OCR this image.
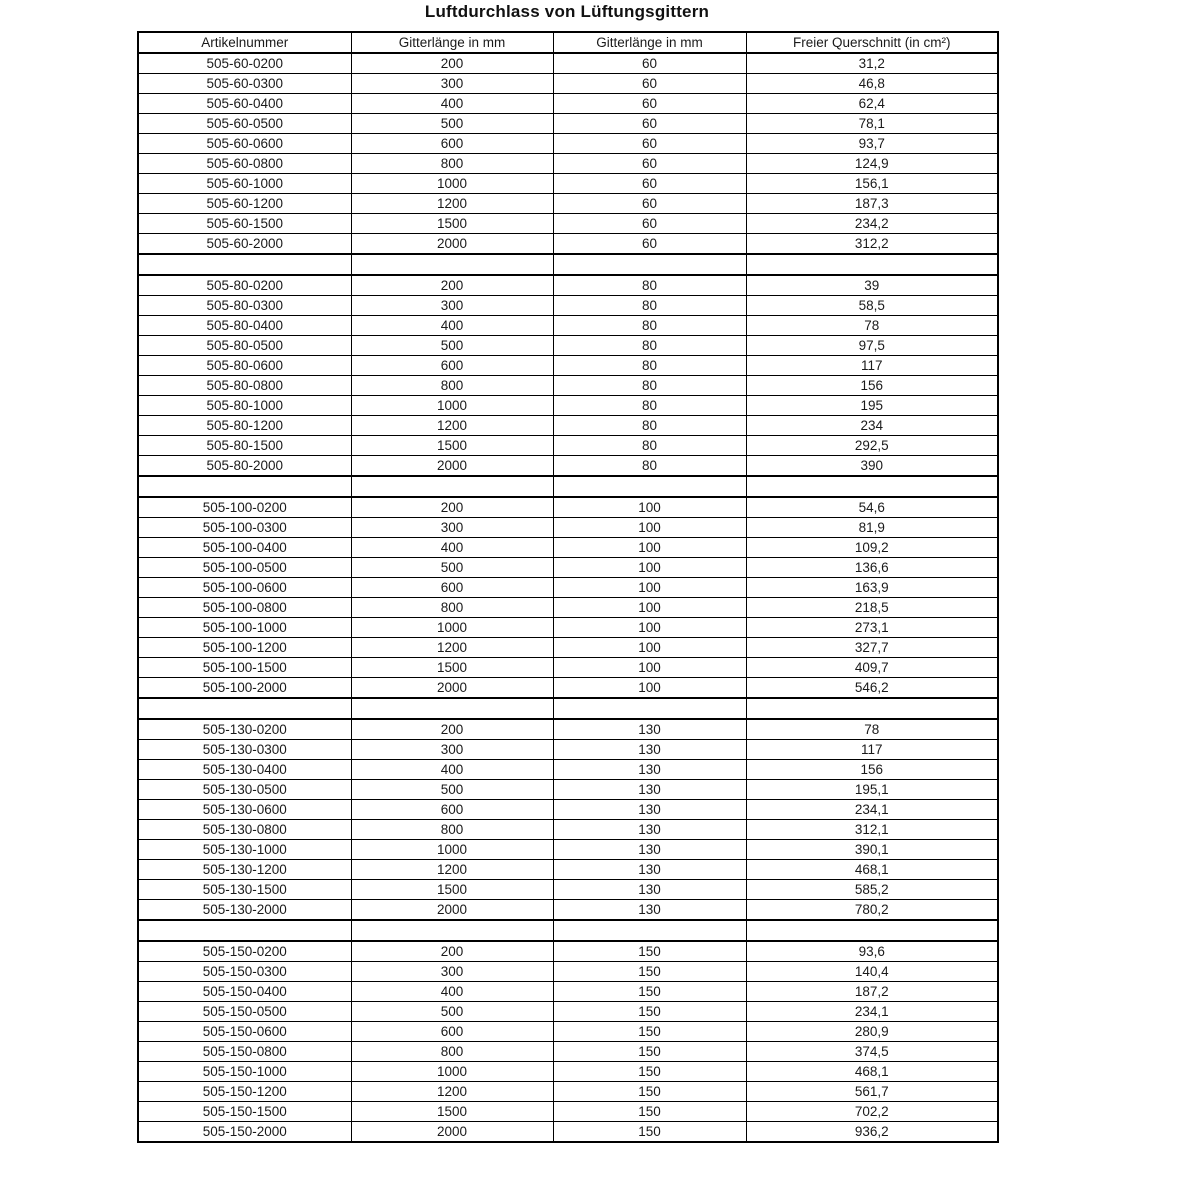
Luftdurchlass von Lüftungsgittern
Artikelnummer	Gitterlänge in mm	Gitterlänge in mm	Freier Querschnitt (in cm²)
505-60-0200	200	60	31,2
505-60-0300	300	60	46,8
505-60-0400	400	60	62,4
505-60-0500	500	60	78,1
505-60-0600	600	60	93,7
505-60-0800	800	60	124,9
505-60-1000	1000	60	156,1
505-60-1200	1200	60	187,3
505-60-1500	1500	60	234,2
505-60-2000	2000	60	312,2

505-80-0200	200	80	39
505-80-0300	300	80	58,5
505-80-0400	400	80	78
505-80-0500	500	80	97,5
505-80-0600	600	80	117
505-80-0800	800	80	156
505-80-1000	1000	80	195
505-80-1200	1200	80	234
505-80-1500	1500	80	292,5
505-80-2000	2000	80	390

505-100-0200	200	100	54,6
505-100-0300	300	100	81,9
505-100-0400	400	100	109,2
505-100-0500	500	100	136,6
505-100-0600	600	100	163,9
505-100-0800	800	100	218,5
505-100-1000	1000	100	273,1
505-100-1200	1200	100	327,7
505-100-1500	1500	100	409,7
505-100-2000	2000	100	546,2

505-130-0200	200	130	78
505-130-0300	300	130	117
505-130-0400	400	130	156
505-130-0500	500	130	195,1
505-130-0600	600	130	234,1
505-130-0800	800	130	312,1
505-130-1000	1000	130	390,1
505-130-1200	1200	130	468,1
505-130-1500	1500	130	585,2
505-130-2000	2000	130	780,2

505-150-0200	200	150	93,6
505-150-0300	300	150	140,4
505-150-0400	400	150	187,2
505-150-0500	500	150	234,1
505-150-0600	600	150	280,9
505-150-0800	800	150	374,5
505-150-1000	1000	150	468,1
505-150-1200	1200	150	561,7
505-150-1500	1500	150	702,2
505-150-2000	2000	150	936,2
